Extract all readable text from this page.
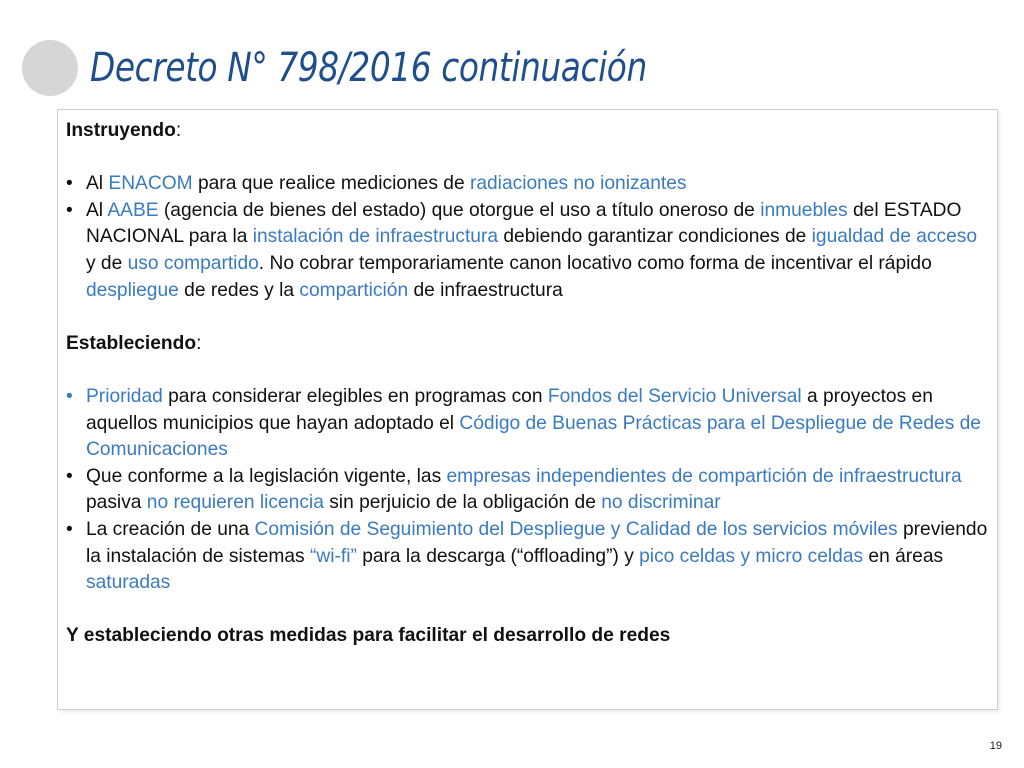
Decreto N° 798/2016 continuación

Instruyendo:

• Al ENACOM para que realice mediciones de radiaciones no ionizantes

• Al AABE (agencia de bienes del estado) que otorgue el uso a título oneroso de inmuebles del ESTADO NACIONAL para la instalación de infraestructura debiendo garantizar condiciones de igualdad de acceso y de uso compartido. No cobrar temporariamente canon locativo como forma de incentivar el rápido despliegue de redes y la compartición de infraestructura

Estableciendo:

• Prioridad para considerar elegibles en programas con Fondos del Servicio Universal a proyectos en aquellos municipios que hayan adoptado el Código de Buenas Prácticas para el Despliegue de Redes de Comunicaciones

• Que conforme a la legislación vigente, las empresas independientes de compartición de infraestructura pasiva no requieren licencia sin perjuicio de la obligación de no discriminar

• La creación de una Comisión de Seguimiento del Despliegue y Calidad de los servicios móviles previendo la instalación de sistemas “wi-fi” para la descarga (“offloading”) y pico celdas y micro celdas en áreas saturadas

Y estableciendo otras medidas para facilitar el desarrollo de redes

19
